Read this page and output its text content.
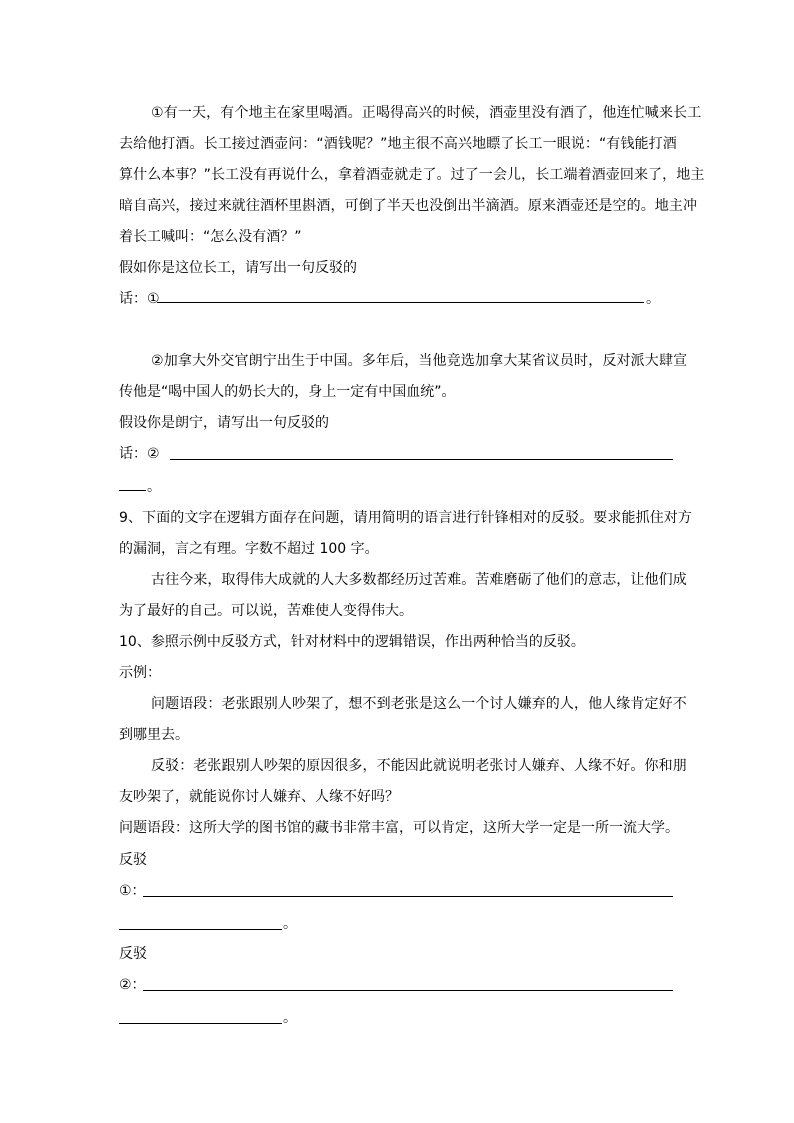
①有一天，有个地主在家里喝酒。正喝得高兴的时候，酒壶里没有酒了，他连忙喊来长工

去给他打酒。长工接过酒壶问：“酒钱呢？”地主很不高兴地瞟了长工一眼说：“有钱能打酒

算什么本事？”长工没有再说什么，拿着酒壶就走了。过了一会儿，长工端着酒壶回来了，地主

暗自高兴，接过来就往酒杯里斟酒，可倒了半天也没倒出半滴酒。原来酒壶还是空的。地主冲

着长工喊叫：“怎么没有酒？”

假如你是这位长工，请写出一句反驳的

话：①	。

②加拿大外交官朗宁出生于中国。多年后，当他竞选加拿大某省议员时，反对派大肆宣

传他是“喝中国人的奶长大的，身上一定有中国血统”。

假设你是朗宁，请写出一句反驳的

话：②

。

9、下面的文字在逻辑方面存在问题，请用简明的语言进行针锋相对的反驳。要求能抓住对方

的漏洞，言之有理。字数不超过 100 字。

古往今来，取得伟大成就的人大多数都经历过苦难。苦难磨砺了他们的意志，让他们成

为了最好的自己。可以说，苦难使人变得伟大。

10、参照示例中反驳方式，针对材料中的逻辑错误，作出两种恰当的反驳。

示例：

问题语段：老张跟别人吵架了，想不到老张是这么一个讨人嫌弃的人，他人缘肯定好不

到哪里去。

反驳：老张跟别人吵架的原因很多，不能因此就说明老张讨人嫌弃、人缘不好。你和朋

友吵架了，就能说你讨人嫌弃、人缘不好吗？

问题语段：这所大学的图书馆的藏书非常丰富，可以肯定，这所大学一定是一所一流大学。

反驳

①：

。

反驳

②：

。
